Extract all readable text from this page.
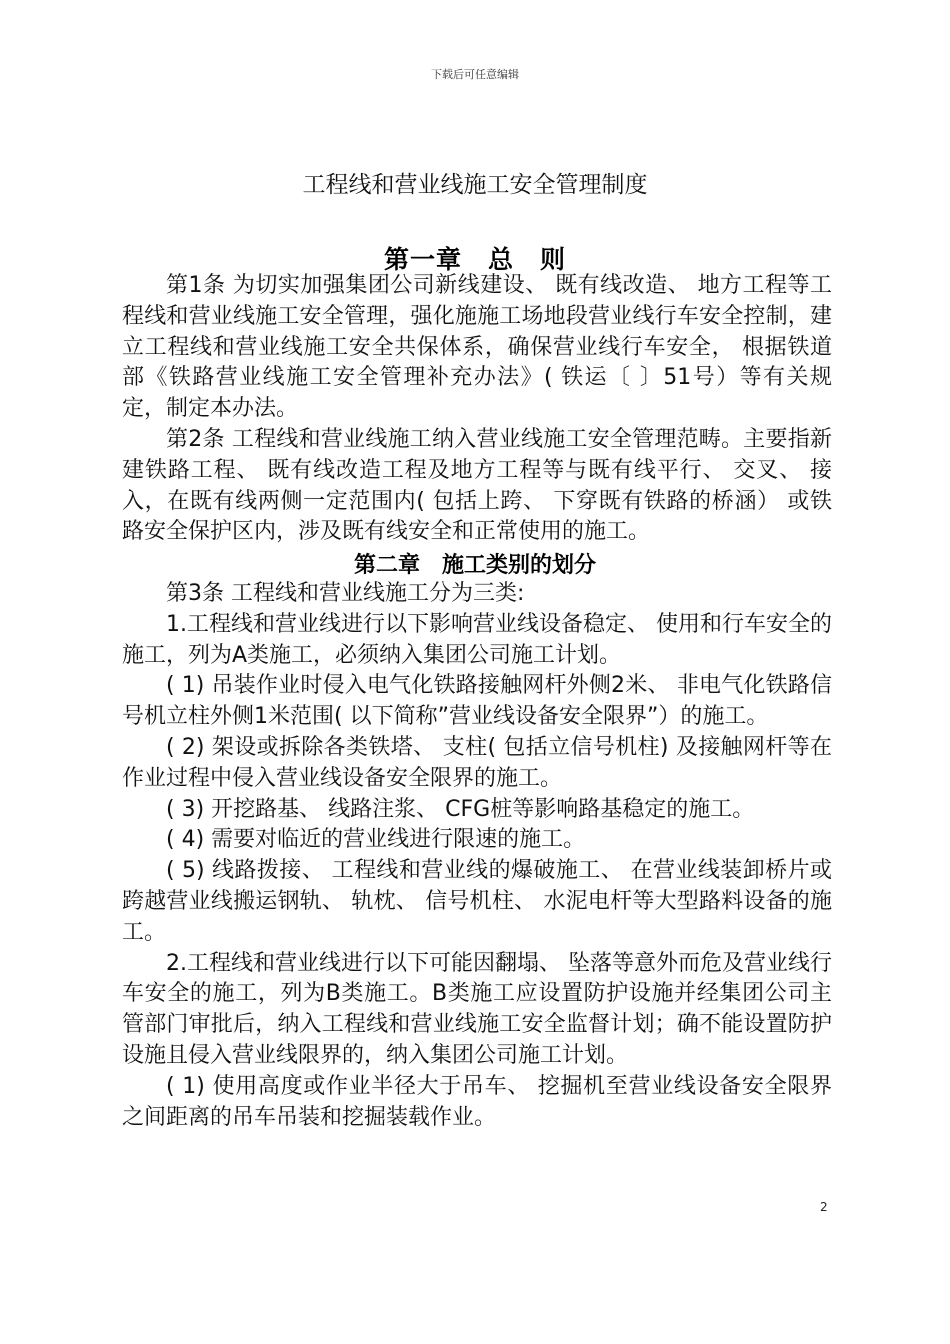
下载后可任意编辑
工程线和营业线施工安全管理制度
第一章　总　则

第1条 为切实加强集团公司新线建设、 既有线改造、 地方工程等工程线和营业线施工安全管理，强化施施工场地段营业线行车安全控制，建立工程线和营业线施工安全共保体系，确保营业线行车安全， 根据铁道部《铁路营业线施工安全管理补充办法》( 铁运〔 〕51号）等有关规定，制定本办法。

第2条 工程线和营业线施工纳入营业线施工安全管理范畴。主要指新建铁路工程、 既有线改造工程及地方工程等与既有线平行、 交叉、 接入，在既有线两侧一定范围内( 包括上跨、 下穿既有铁路的桥涵） 或铁路安全保护区内，涉及既有线安全和正常使用的施工。

第二章　施工类别的划分

第3条 工程线和营业线施工分为三类:

1.工程线和营业线进行以下影响营业线设备稳定、 使用和行车安全的施工，列为A类施工，必须纳入集团公司施工计划。

( 1) 吊装作业时侵入电气化铁路接触网杆外侧2米、 非电气化铁路信号机立柱外侧1米范围( 以下简称”营业线设备安全限界”）的施工。

( 2) 架设或拆除各类铁塔、 支柱( 包括立信号机柱) 及接触网杆等在作业过程中侵入营业线设备安全限界的施工。

( 3) 开挖路基、 线路注浆、 CFG桩等影响路基稳定的施工。

( 4) 需要对临近的营业线进行限速的施工。

( 5) 线路拨接、 工程线和营业线的爆破施工、 在营业线装卸桥片或跨越营业线搬运钢轨、 轨枕、 信号机柱、 水泥电杆等大型路料设备的施工。

2.工程线和营业线进行以下可能因翻塌、 坠落等意外而危及营业线行车安全的施工，列为B类施工。B类施工应设置防护设施并经集团公司主管部门审批后，纳入工程线和营业线施工安全监督计划；确不能设置防护设施且侵入营业线限界的，纳入集团公司施工计划。

( 1) 使用高度或作业半径大于吊车、 挖掘机至营业线设备安全限界之间距离的吊车吊装和挖掘装载作业。

2
